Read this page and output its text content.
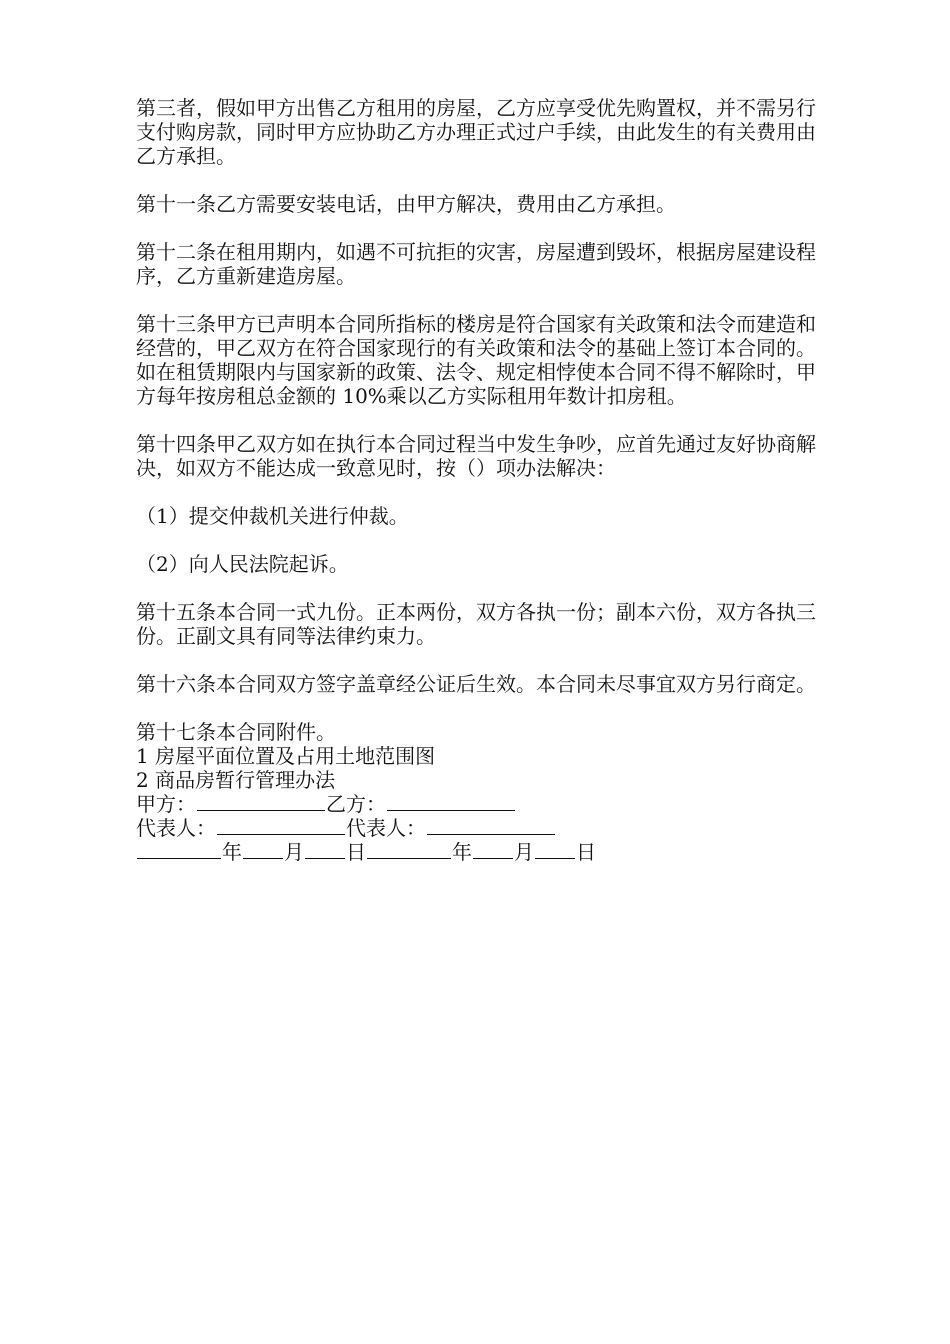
第三者，假如甲方出售乙方租用的房屋，乙方应享受优先购置权，并不需另行支付购房款，同时甲方应协助乙方办理正式过户手续，由此发生的有关费用由乙方承担。

第十一条乙方需要安装电话，由甲方解决，费用由乙方承担。

第十二条在租用期内，如遇不可抗拒的灾害，房屋遭到毁坏，根据房屋建设程序，乙方重新建造房屋。

第十三条甲方已声明本合同所指标的楼房是符合国家有关政策和法令而建造和经营的，甲乙双方在符合国家现行的有关政策和法令的基础上签订本合同的。如在租赁期限内与国家新的政策、法令、规定相悖使本合同不得不解除时，甲方每年按房租总金额的 10%乘以乙方实际租用年数计扣房租。

第十四条甲乙双方如在执行本合同过程当中发生争吵，应首先通过友好协商解决，如双方不能达成一致意见时，按（）项办法解决：

（1）提交仲裁机关进行仲裁。

（2）向人民法院起诉。

第十五条本合同一式九份。正本两份，双方各执一份；副本六份，双方各执三份。正副文具有同等法律约束力。

第十六条本合同双方签字盖章经公证后生效。本合同未尽事宜双方另行商定。

第十七条本合同附件。
1 房屋平面位置及占用土地范围图
2 商品房暂行管理办法
甲方：	乙方：
代表人：	代表人：
年 月 日	年 月 日
